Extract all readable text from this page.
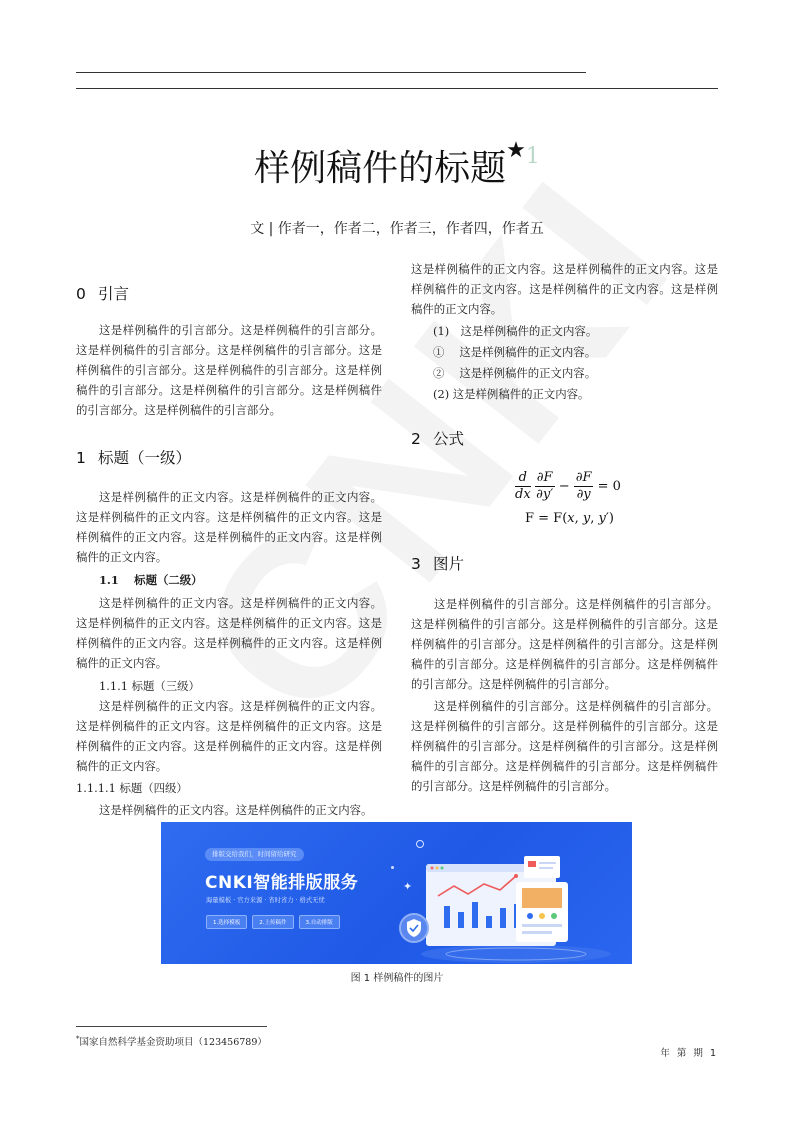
样例稿件的标题$^{★1}$
文 | 作者一，作者二，作者三，作者四，作者五
0 引言

这是样例稿件的引言部分。这是样例稿件的引言部分。这是样例稿件的引言部分。这是样例稿件的引言部分。这是样例稿件的引言部分。这是样例稿件的引言部分。这是样例稿件的引言部分。这是样例稿件的引言部分。这是样例稿件的引言部分。这是样例稿件的引言部分。

1 标题（一级）

这是样例稿件的正文内容。这是样例稿件的正文内容。这是样例稿件的正文内容。这是样例稿件的正文内容。这是样例稿件的正文内容。这是样例稿件的正文内容。这是样例稿件的正文内容。

1.1　 标题（二级）

这是样例稿件的正文内容。这是样例稿件的正文内容。这是样例稿件的正文内容。这是样例稿件的正文内容。这是样例稿件的正文内容。这是样例稿件的正文内容。这是样例稿件的正文内容。

1.1.1 标题（三级）

这是样例稿件的正文内容。这是样例稿件的正文内容。这是样例稿件的正文内容。这是样例稿件的正文内容。这是样例稿件的正文内容。这是样例稿件的正文内容。这是样例稿件的正文内容。

1.1.1.1 标题（四级）

这是样例稿件的正文内容。这是样例稿件的正文内容。

这是样例稿件的正文内容。这是样例稿件的正文内容。这是样例稿件的正文内容。这是样例稿件的正文内容。这是样例稿件的正文内容。

(1)　这是样例稿件的正文内容。
①　 这是样例稿件的正文内容。
②　 这是样例稿件的正文内容。
(2) 这是样例稿件的正文内容。
2 公式
$\frac{d}{dx}$
$\frac{\partial F}{\partial y'} - \frac{\partial F}{\partial y} = 0$
F = F(x, y, y′)
3 图片

这是样例稿件的引言部分。这是样例稿件的引言部分。这是样例稿件的引言部分。这是样例稿件的引言部分。这是样例稿件的引言部分。这是样例稿件的引言部分。这是样例稿件的引言部分。这是样例稿件的引言部分。这是样例稿件的引言部分。这是样例稿件的引言部分。

这是样例稿件的引言部分。这是样例稿件的引言部分。这是样例稿件的引言部分。这是样例稿件的引言部分。这是样例稿件的引言部分。这是样例稿件的引言部分。这是样例稿件的引言部分。这是样例稿件的引言部分。这是样例稿件的引言部分。这是样例稿件的引言部分。

✦
排版交给我们，时间留给研究
CNKI智能排版服务
海量模板 · 官方来源 · 省时省力 · 格式无忧
1.选择模板	2.上传稿件	3.自动排版
图 1 样例稿件的图片
*国家自然科学基金资助项目（123456789）
年 第 期 1
